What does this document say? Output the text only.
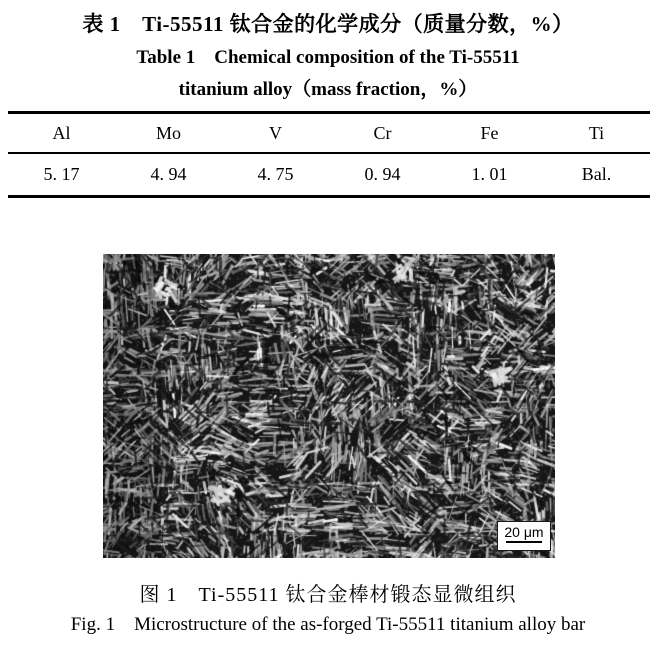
表 1　Ti-55511 钛合金的化学成分（质量分数，%）
Table 1　Chemical composition of the Ti-55511
titanium alloy（mass fraction，%）
Al	Mo	V	Cr	Fe	Ti
5. 17	4. 94	4. 75	0. 94	1. 01	Bal.
20 μm
图 1　Ti-55511 钛合金棒材锻态显微组织
Fig. 1　Microstructure of the as-forged Ti-55511 titanium alloy bar
